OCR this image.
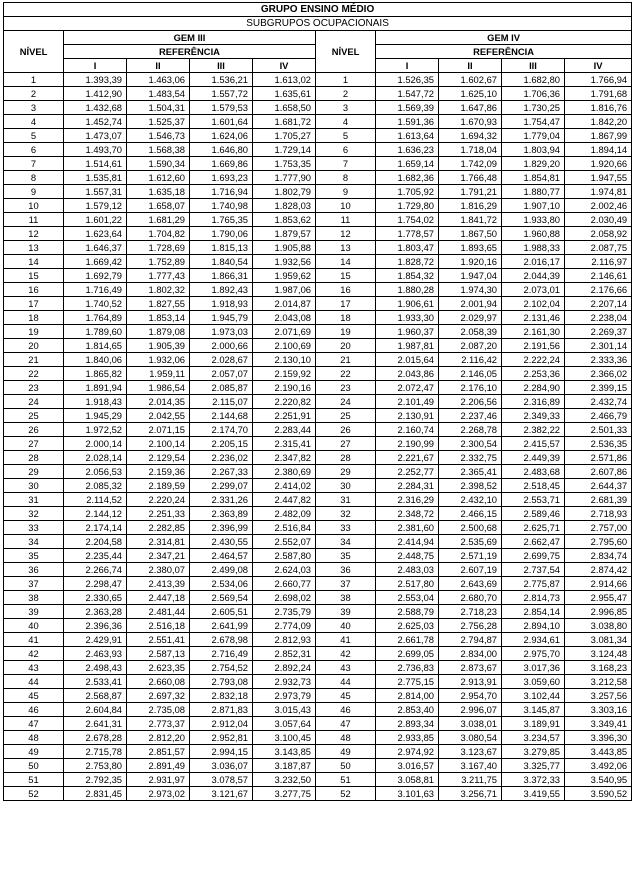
GRUPO ENSINO MÉDIO									
SUBGRUPOS OCUPACIONAIS									
NÍVEL	GEM III				NÍVEL	GEM IV			
	REFERÊNCIA					REFERÊNCIA			
	I	II	III	IV		I	II	III	IV
1	1.393,39	1.463,06	1.536,21	1.613,02	1	1.526,35	1.602,67	1.682,80	1.766,94
2	1.412,90	1.483,54	1.557,72	1.635,61	2	1.547,72	1.625,10	1.706,36	1.791,68
3	1.432,68	1.504,31	1.579,53	1.658,50	3	1.569,39	1.647,86	1.730,25	1.816,76
4	1.452,74	1.525,37	1.601,64	1.681,72	4	1.591,36	1.670,93	1.754,47	1.842,20
5	1.473,07	1.546,73	1.624,06	1.705,27	5	1.613,64	1.694,32	1.779,04	1.867,99
6	1.493,70	1.568,38	1.646,80	1.729,14	6	1.636,23	1.718,04	1.803,94	1.894,14
7	1.514,61	1.590,34	1.669,86	1.753,35	7	1.659,14	1.742,09	1.829,20	1.920,66
8	1.535,81	1.612,60	1.693,23	1.777,90	8	1.682,36	1.766,48	1.854,81	1.947,55
9	1.557,31	1.635,18	1.716,94	1.802,79	9	1.705,92	1.791,21	1.880,77	1.974,81
10	1.579,12	1.658,07	1.740,98	1.828,03	10	1.729,80	1.816,29	1.907,10	2.002,46
11	1.601,22	1.681,29	1.765,35	1.853,62	11	1.754,02	1.841,72	1.933,80	2.030,49
12	1.623,64	1.704,82	1.790,06	1.879,57	12	1.778,57	1.867,50	1.960,88	2.058,92
13	1.646,37	1.728,69	1.815,13	1.905,88	13	1.803,47	1.893,65	1.988,33	2.087,75
14	1.669,42	1.752,89	1.840,54	1.932,56	14	1.828,72	1.920,16	2.016,17	2.116,97
15	1.692,79	1.777,43	1.866,31	1.959,62	15	1.854,32	1.947,04	2.044,39	2.146,61
16	1.716,49	1.802,32	1.892,43	1.987,06	16	1.880,28	1.974,30	2.073,01	2.176,66
17	1.740,52	1.827,55	1.918,93	2.014,87	17	1.906,61	2.001,94	2.102,04	2.207,14
18	1.764,89	1.853,14	1.945,79	2.043,08	18	1.933,30	2.029,97	2.131,46	2.238,04
19	1.789,60	1.879,08	1.973,03	2.071,69	19	1.960,37	2.058,39	2.161,30	2.269,37
20	1.814,65	1.905,39	2.000,66	2.100,69	20	1.987,81	2.087,20	2.191,56	2.301,14
21	1.840,06	1.932,06	2.028,67	2.130,10	21	2.015,64	2.116,42	2.222,24	2.333,36
22	1.865,82	1.959,11	2.057,07	2.159,92	22	2.043,86	2.146,05	2.253,36	2.366,02
23	1.891,94	1.986,54	2.085,87	2.190,16	23	2.072,47	2.176,10	2.284,90	2.399,15
24	1.918,43	2.014,35	2.115,07	2.220,82	24	2.101,49	2.206,56	2.316,89	2.432,74
25	1.945,29	2.042,55	2.144,68	2.251,91	25	2.130,91	2.237,46	2.349,33	2.466,79
26	1.972,52	2.071,15	2.174,70	2.283,44	26	2.160,74	2.268,78	2.382,22	2.501,33
27	2.000,14	2.100,14	2.205,15	2.315,41	27	2.190,99	2.300,54	2.415,57	2.536,35
28	2.028,14	2.129,54	2.236,02	2.347,82	28	2.221,67	2.332,75	2.449,39	2.571,86
29	2.056,53	2.159,36	2.267,33	2.380,69	29	2.252,77	2.365,41	2.483,68	2.607,86
30	2.085,32	2.189,59	2.299,07	2.414,02	30	2.284,31	2.398,52	2.518,45	2.644,37
31	2.114,52	2.220,24	2.331,26	2.447,82	31	2.316,29	2.432,10	2.553,71	2.681,39
32	2.144,12	2.251,33	2.363,89	2.482,09	32	2.348,72	2.466,15	2.589,46	2.718,93
33	2.174,14	2.282,85	2.396,99	2.516,84	33	2.381,60	2.500,68	2.625,71	2.757,00
34	2.204,58	2.314,81	2.430,55	2.552,07	34	2.414,94	2.535,69	2.662,47	2.795,60
35	2.235,44	2.347,21	2.464,57	2.587,80	35	2.448,75	2.571,19	2.699,75	2.834,74
36	2.266,74	2.380,07	2.499,08	2.624,03	36	2.483,03	2.607,19	2.737,54	2.874,42
37	2.298,47	2.413,39	2.534,06	2.660,77	37	2.517,80	2.643,69	2.775,87	2.914,66
38	2.330,65	2.447,18	2.569,54	2.698,02	38	2.553,04	2.680,70	2.814,73	2.955,47
39	2.363,28	2.481,44	2.605,51	2.735,79	39	2.588,79	2.718,23	2.854,14	2.996,85
40	2.396,36	2.516,18	2.641,99	2.774,09	40	2.625,03	2.756,28	2.894,10	3.038,80
41	2.429,91	2.551,41	2.678,98	2.812,93	41	2.661,78	2.794,87	2.934,61	3.081,34
42	2.463,93	2.587,13	2.716,49	2.852,31	42	2.699,05	2.834,00	2.975,70	3.124,48
43	2.498,43	2.623,35	2.754,52	2.892,24	43	2.736,83	2.873,67	3.017,36	3.168,23
44	2.533,41	2.660,08	2.793,08	2.932,73	44	2.775,15	2.913,91	3.059,60	3.212,58
45	2.568,87	2.697,32	2.832,18	2.973,79	45	2.814,00	2.954,70	3.102,44	3.257,56
46	2.604,84	2.735,08	2.871,83	3.015,43	46	2.853,40	2.996,07	3.145,87	3.303,16
47	2.641,31	2.773,37	2.912,04	3.057,64	47	2.893,34	3.038,01	3.189,91	3.349,41
48	2.678,28	2.812,20	2.952,81	3.100,45	48	2.933,85	3.080,54	3.234,57	3.396,30
49	2.715,78	2.851,57	2.994,15	3.143,85	49	2.974,92	3.123,67	3.279,85	3.443,85
50	2.753,80	2.891,49	3.036,07	3.187,87	50	3.016,57	3.167,40	3.325,77	3.492,06
51	2.792,35	2.931,97	3.078,57	3.232,50	51	3.058,81	3.211,75	3.372,33	3.540,95
52	2.831,45	2.973,02	3.121,67	3.277,75	52	3.101,63	3.256,71	3.419,55	3.590,52
